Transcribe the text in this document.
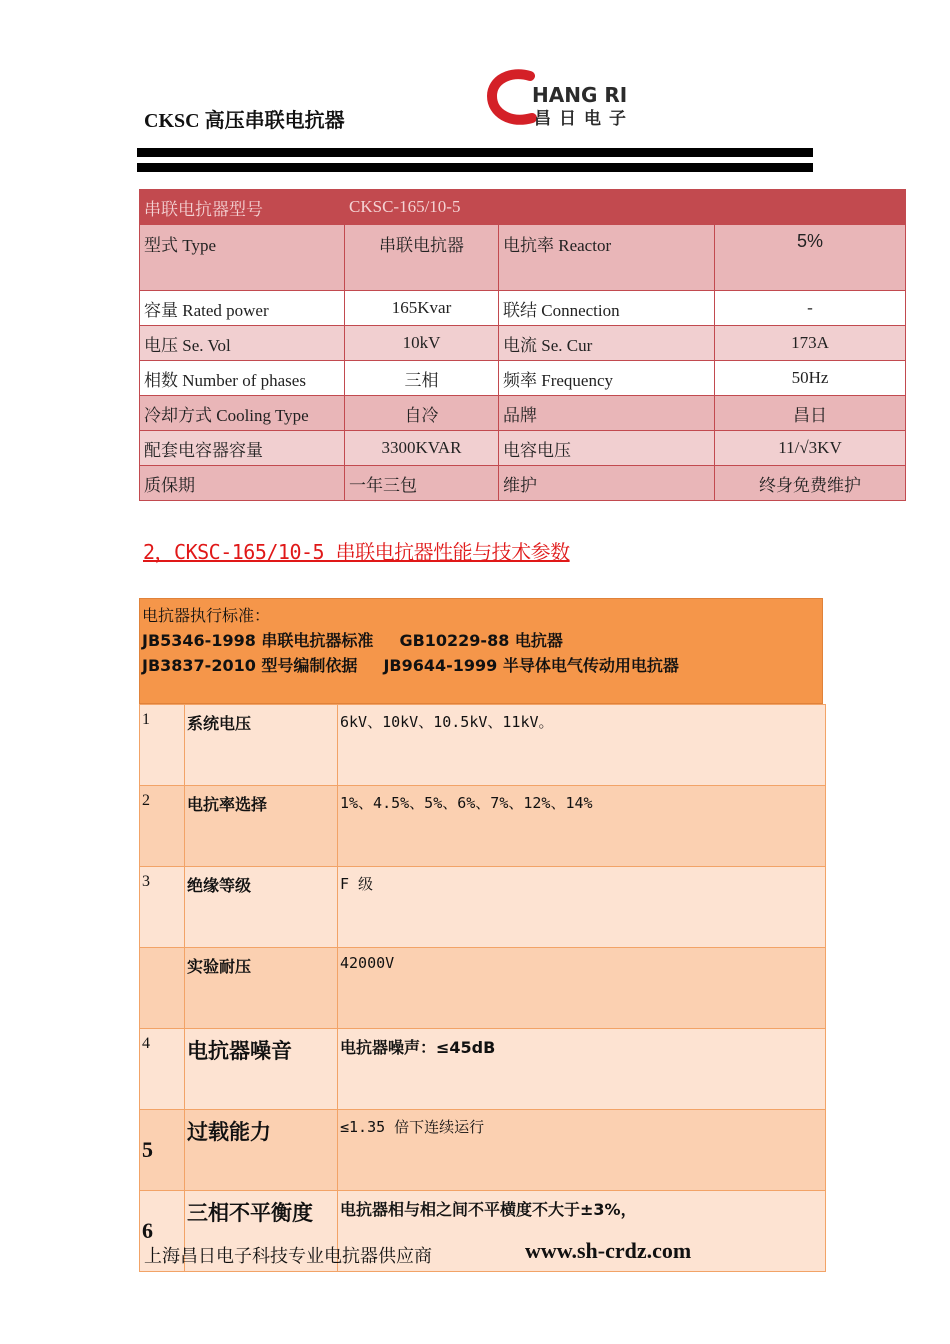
CKSC 高压串联电抗器
HANG RI
昌日电子
串联电抗器型号	CKSC-165/10-5		
型式 Type	串联电抗器	电抗率 Reactor	5%
容量 Rated power	165Kvar	联结 Connection	-
电压 Se. Vol	10kV	电流 Se. Cur	173A
相数 Number of phases	三相	频率 Frequency	50Hz
冷却方式 Cooling Type	自冷	品牌	昌日
配套电容器容量	3300KVAR	电容电压	11/√3KV
质保期	一年三包	维护	终身免费维护
2，CKSC-165/10-5 串联电抗器性能与技术参数
电抗器执行标准：
JB5346-1998 串联电抗器标准 GB10229-88 电抗器
JB3837-2010 型号编制依据 JB9644-1999 半导体电气传动用电抗器
1	系统电压	6kV、10kV、10.5kV、11kV。
2	电抗率选择	1%、4.5%、5%、6%、7%、12%、14%
3	绝缘等级	F 级
	实验耐压	42000V
4	电抗器噪音	电抗器噪声：≤45dB
5	过载能力	≤1.35 倍下连续运行
6	三相不平衡度	电抗器相与相之间不平横度不大于±3%，
上海昌日电子科技专业电抗器供应商	www.sh-crdz.com
